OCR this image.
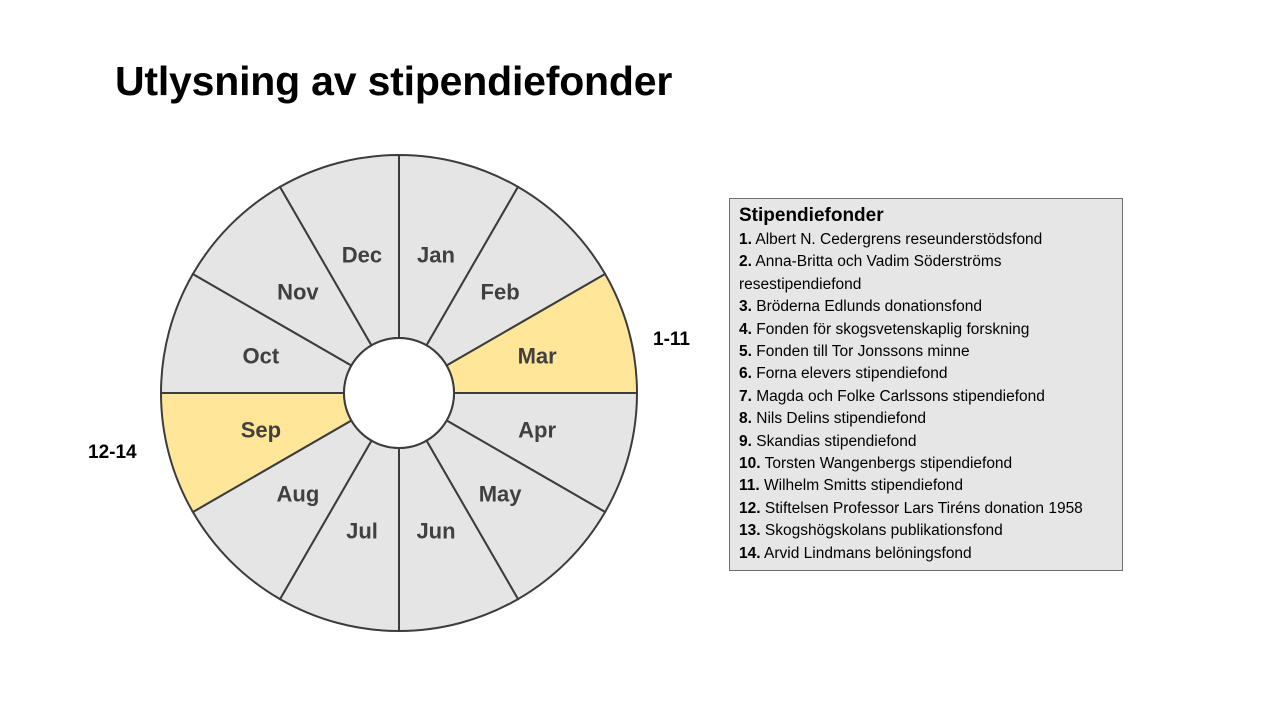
Utlysning av stipendiefonder
Jan
Feb
Mar
Apr
May
Jun
Jul
Aug
Sep
Oct
Nov
Dec
1-11
12-14
Stipendiefonder
1. Albert N. Cedergrens reseunderstödsfond
2. Anna-Britta och Vadim Söderströms resestipendiefond
3. Bröderna Edlunds donationsfond
4. Fonden för skogsvetenskaplig forskning
5. Fonden till Tor Jonssons minne
6. Forna elevers stipendiefond
7. Magda och Folke Carlssons stipendiefond
8. Nils Delins stipendiefond
9. Skandias stipendiefond
10. Torsten Wangenbergs stipendiefond
11. Wilhelm Smitts stipendiefond
12. Stiftelsen Professor Lars Tiréns donation 1958
13. Skogshögskolans publikationsfond
14. Arvid Lindmans belöningsfond
